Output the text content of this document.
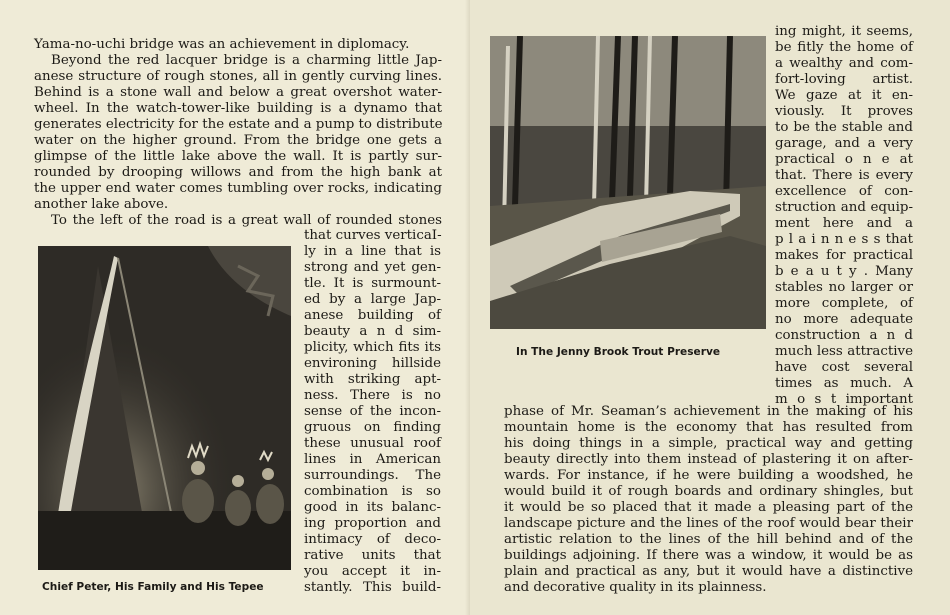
Yama-no-uchi bridge was an achievement in diplomacy.

Beyond the red lacquer bridge is a charming little Jap-

anese structure of rough stones, all in gently curving lines.

Behind is a stone wall and below a great overshot water-

wheel. In the watch-tower-like building is a dynamo that

generates electricity for the estate and a pump to distribute

water on the higher ground. From the bridge one gets a

glimpse of the little lake above the wall. It is partly sur-

rounded by drooping willows and from the high bank at

the upper end water comes tumbling over rocks, indicating

another lake above.

To the left of the road is a great wall of rounded stones

that curves verticaI-

ly in a line that is

strong and yet gen-

tle. It is surmount-

ed by a large Jap-

anese building of

beauty a n d sim-

plicity, which fits its

environing hillside

with striking apt-

ness. There is no

sense of the incon-

gruous on finding

these unusual roof

lines in American

surroundings. The

combination is so

good in its balanc-

ing proportion and

intimacy of deco-

rative units that

you accept it in-

stantly. This build-

Chief Peter, His Family and His Tepee

In The Jenny Brook Trout Preserve

ing might, it seems,

be fitly the home of

a wealthy and com-

fort-loving artist.

We gaze at it en-

viously. It proves

to be the stable and

garage, and a very

practical o n e at

that. There is every

excellence of con-

struction and equip-

ment here and a

p l a i n n e s s that

makes for practical

b e a u t y . Many

stables no larger or

more complete, of

no more adequate

construction a n d

much less attractive

have cost several

times as much. A

m o s t important

phase of Mr. Seaman’s achievement in the making of his

mountain home is the economy that has resulted from

his doing things in a simple, practical way and getting

beauty directly into them instead of plastering it on after-

wards. For instance, if he were building a woodshed, he

would build it of rough boards and ordinary shingles, but

it would be so placed that it made a pleasing part of the

landscape picture and the lines of the roof would bear their

artistic relation to the lines of the hill behind and of the

buildings adjoining. If there was a window, it would be as

plain and practical as any, but it would have a distinctive

and decorative quality in its plainness.
